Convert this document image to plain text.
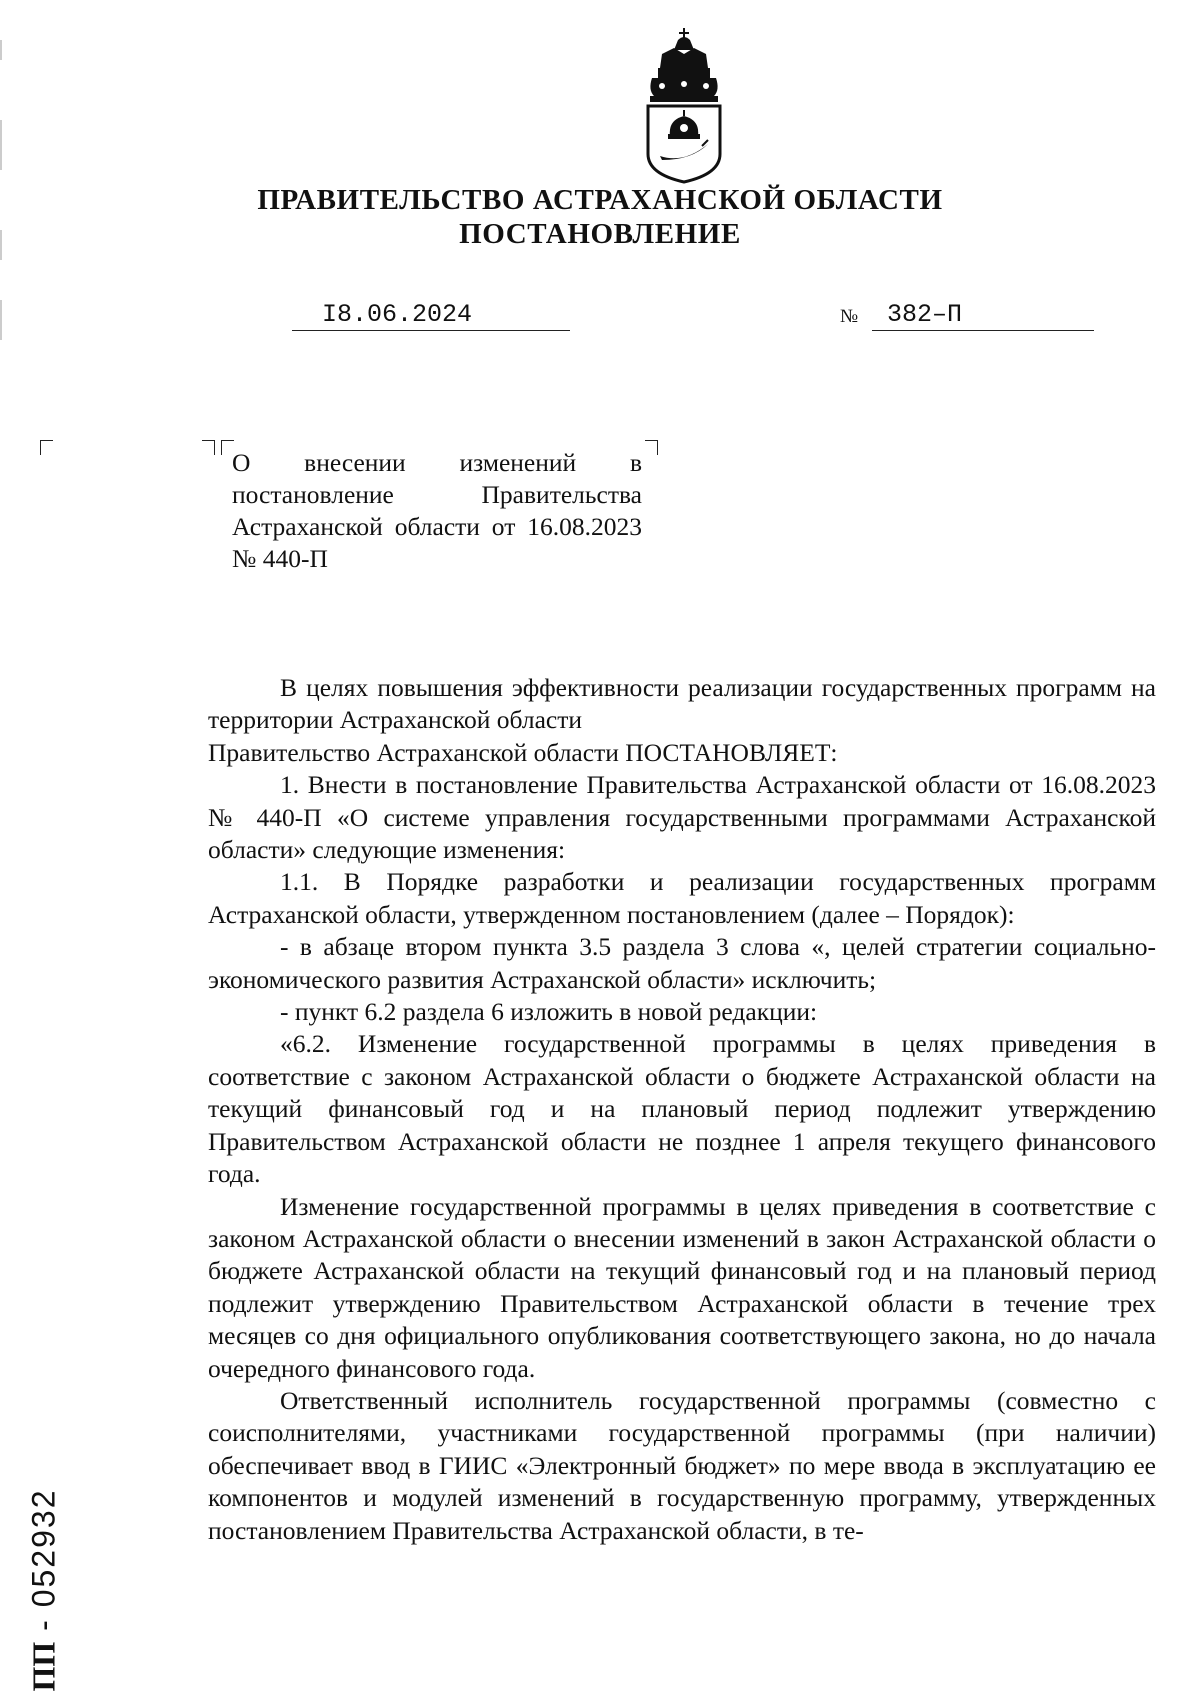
ПРАВИТЕЛЬСТВО АСТРАХАНСКОЙ ОБЛАСТИ
ПОСТАНОВЛЕНИЕ
I8.06.2024	№ 382–П
О внесении изменений в постановление Правительства Астраханской области от 16.08.2023 № 440-П

В целях повышения эффективности реализации государственных программ на территории Астраханской области

Правительство Астраханской области ПОСТАНОВЛЯЕТ:

1. Внести в постановление Правительства Астраханской области от 16.08.2023 № 440-П «О системе управления государственными программами Астраханской области» следующие изменения:

1.1. В Порядке разработки и реализации государственных программ Астраханской области, утвержденном постановлением (далее – Порядок):

- в абзаце втором пункта 3.5 раздела 3 слова «, целей стратегии социально-экономического развития Астраханской области» исключить;

- пункт 6.2 раздела 6 изложить в новой редакции:

«6.2. Изменение государственной программы в целях приведения в соответствие с законом Астраханской области о бюджете Астраханской области на текущий финансовый год и на плановый период подлежит утверждению Правительством Астраханской области не позднее 1 апреля текущего финансового года.

Изменение государственной программы в целях приведения в соответствие с законом Астраханской области о внесении изменений в закон Астраханской области о бюджете Астраханской области на текущий финансовый год и на плановый период подлежит утверждению Правительством Астраханской области в течение трех месяцев со дня официального опубликования соответствующего закона, но до начала очередного финансового года.

Ответственный исполнитель государственной программы (совместно с соисполнителями, участниками государственной программы (при наличии) обеспечивает ввод в ГИИС «Электронный бюджет» по мере ввода в эксплуатацию ее компонентов и модулей изменений в государственную программу, утвержденных постановлением Правительства Астраханской области, в те-

ПП - 052932
